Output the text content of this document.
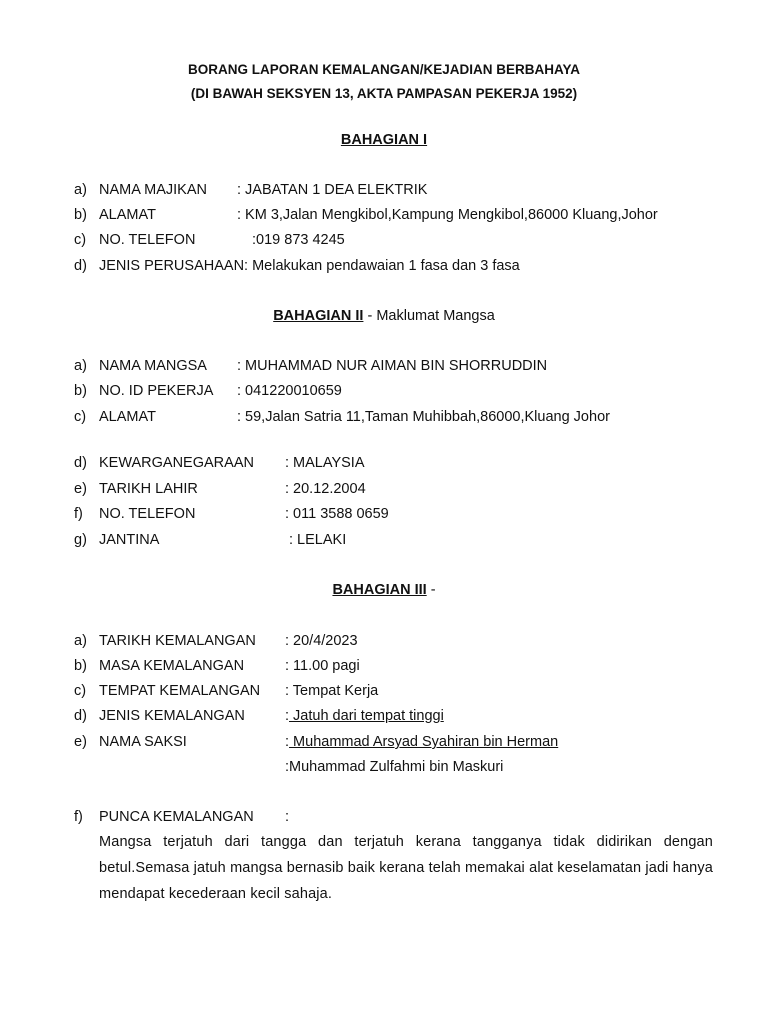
BORANG LAPORAN KEMALANGAN/KEJADIAN BERBAHAYA
(DI BAWAH SEKSYEN 13, AKTA PAMPASAN PEKERJA 1952)
BAHAGIAN I
a) NAMA MAJIKAN : JABATAN 1 DEA ELEKTRIK
b) ALAMAT	: KM 3,Jalan Mengkibol,Kampung Mengkibol,86000 Kluang,Johor
c) NO. TELEFON	:019 873 4245
d) JENIS PERUSAHAAN: Melakukan pendawaian 1 fasa dan 3 fasa
BAHAGIAN II - Maklumat Mangsa
a) NAMA MANGSA : MUHAMMAD NUR AIMAN BIN SHORRUDDIN
b) NO. ID PEKERJA : 041220010659
c) ALAMAT	: 59,Jalan Satria 11,Taman Muhibbah,86000,Kluang Johor
d) KEWARGANEGARAAN : MALAYSIA
e) TARIKH LAHIR	: 20.12.2004
f) NO. TELEFON	: 011 3588 0659
g) JANTINA	: LELAKI
BAHAGIAN III -
a) TARIKH KEMALANGAN : 20/4/2023
b) MASA KEMALANGAN	: 11.00 pagi
c) TEMPAT KEMALANGAN : Tempat Kerja
d) JENIS KEMALANGAN	: Jatuh dari tempat tinggi
e) NAMA SAKSI	: Muhammad Arsyad Syahiran bin Herman
:Muhammad Zulfahmi bin Maskuri
f) PUNCA KEMALANGAN :
Mangsa terjatuh dari tangga dan terjatuh kerana tangganya tidak didirikan dengan betul.Semasa jatuh mangsa bernasib baik kerana telah memakai alat keselamatan jadi hanya mendapat kecederaan kecil sahaja.
